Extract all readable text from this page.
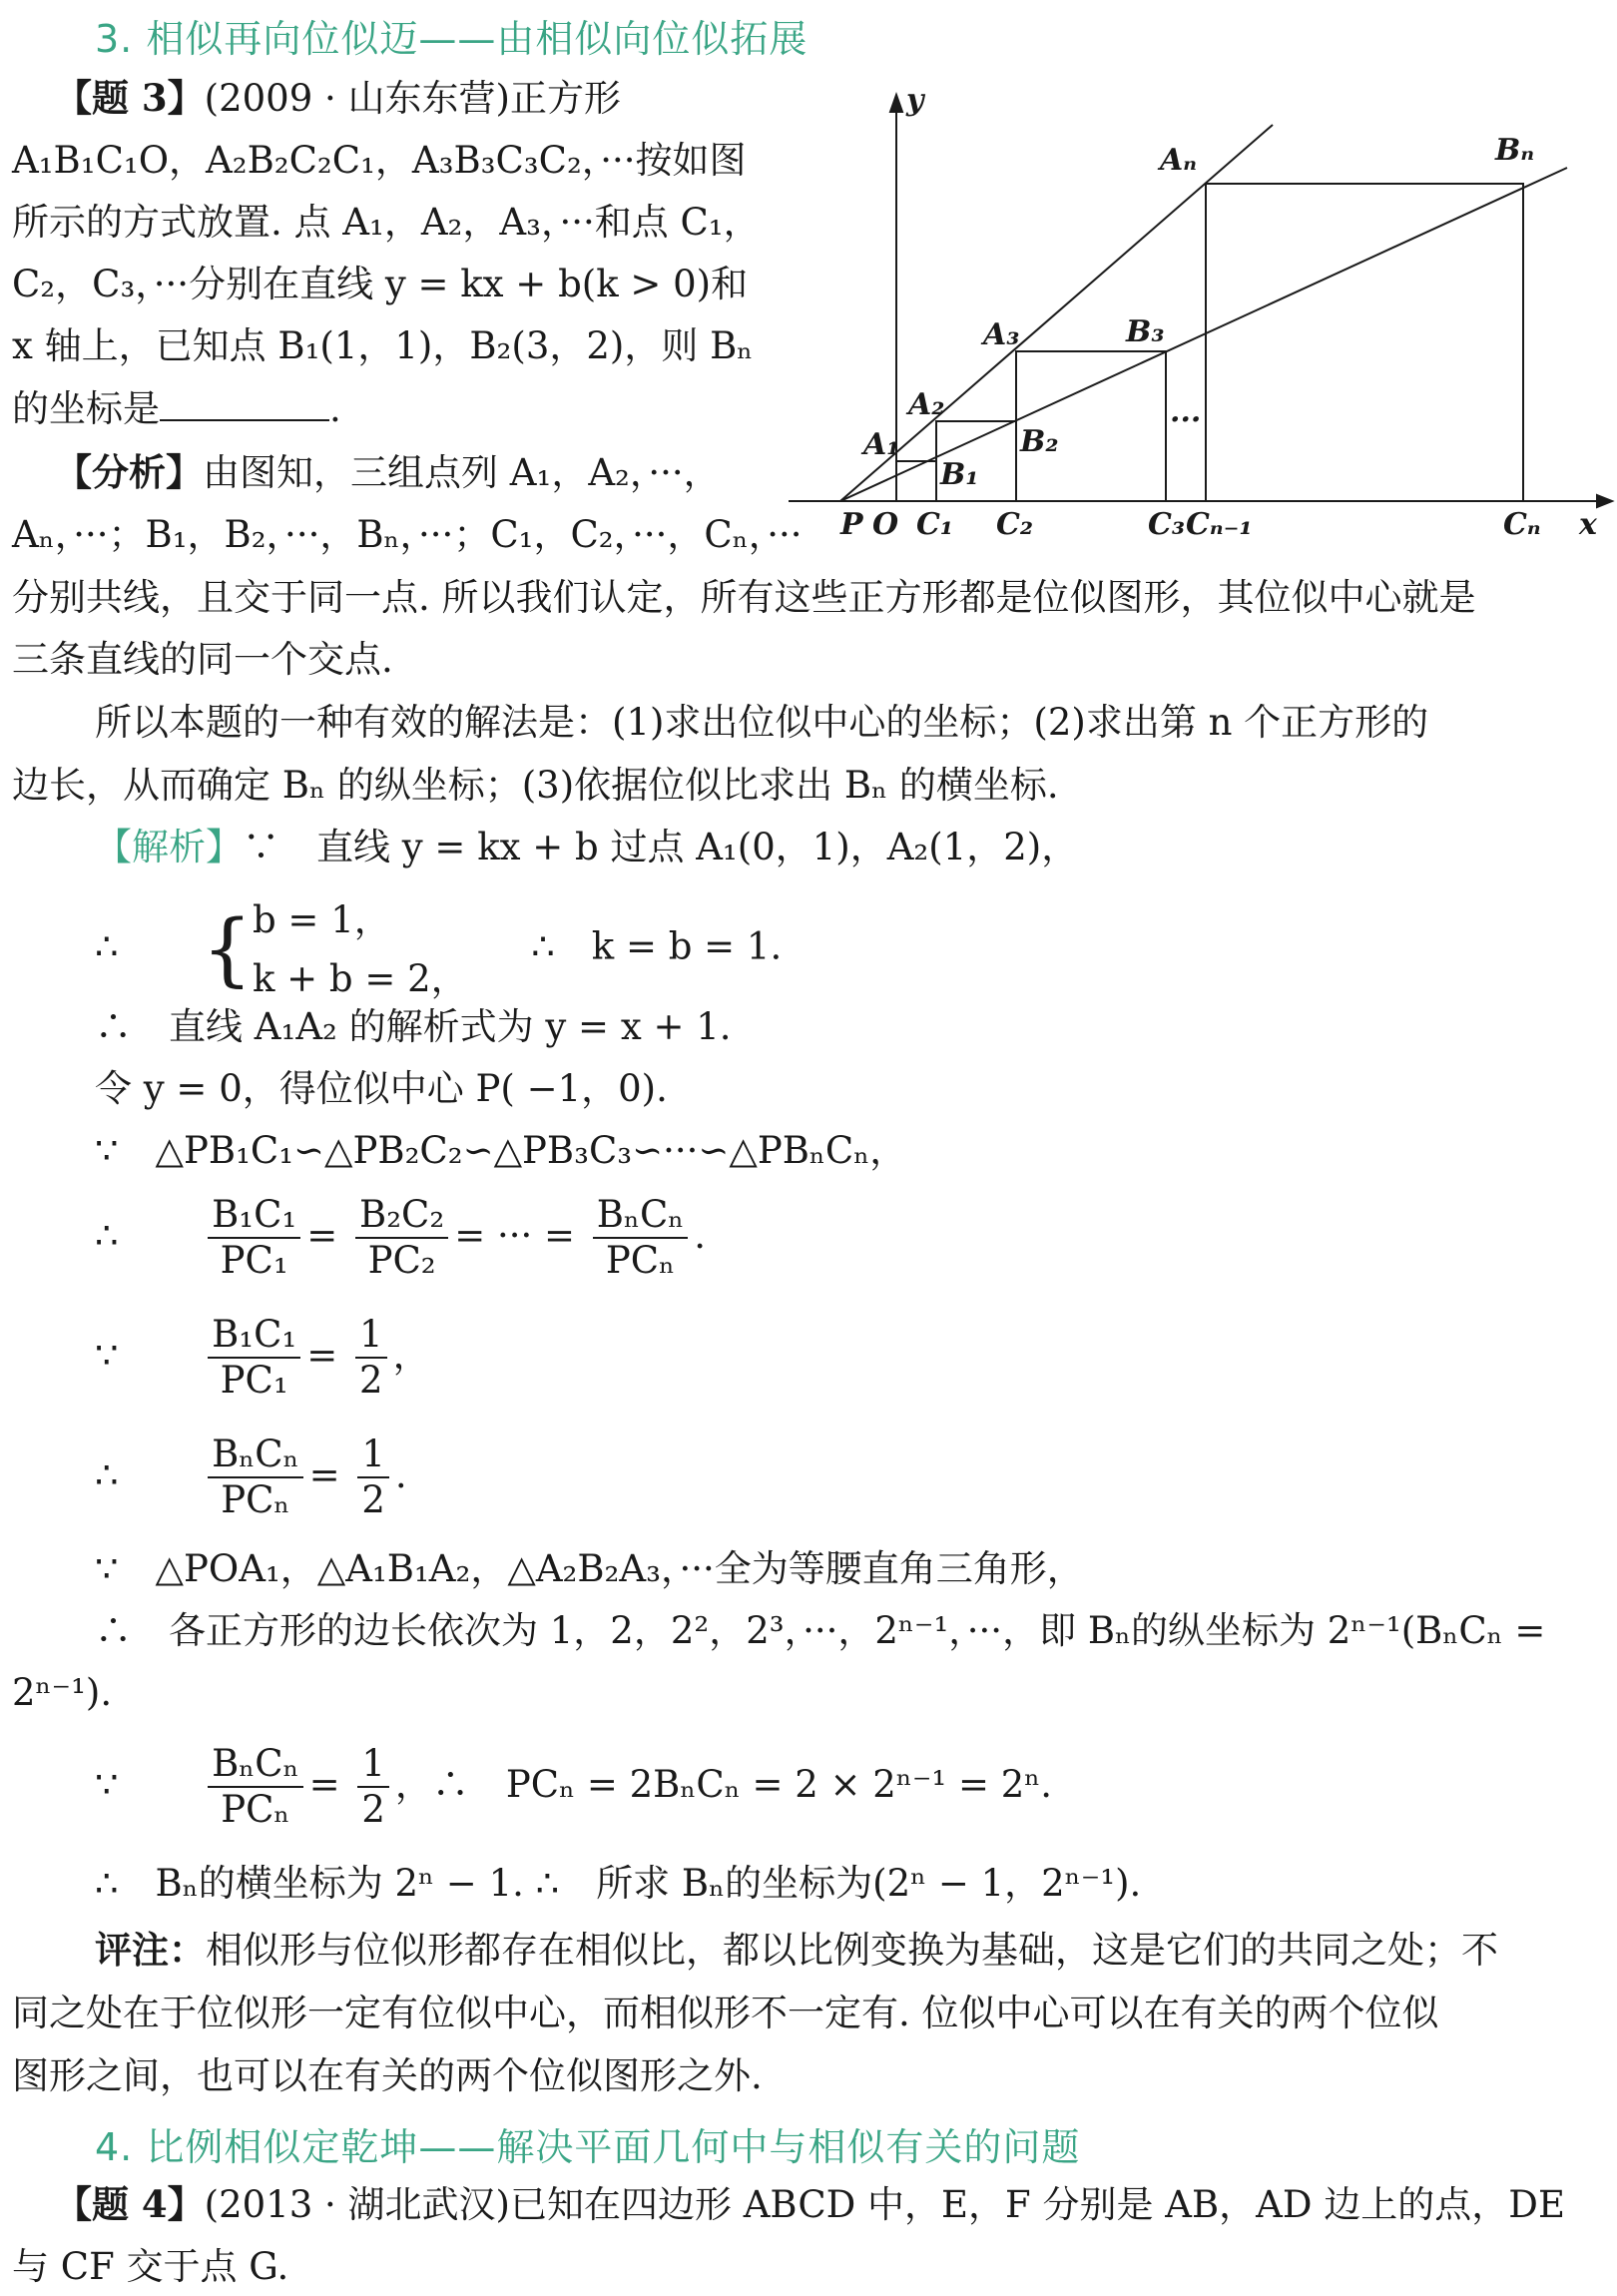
3. 相似再向位似迈——由相似向位似拓展
【题 3】(2009 · 山东东营)正方形
A₁B₁C₁O，A₂B₂C₂C₁，A₃B₃C₃C₂，···按如图
所示的方式放置. 点 A₁，A₂，A₃，···和点 C₁，
C₂，C₃，···分别在直线 y = kx + b(k > 0)和
x 轴上，已知点 B₁(1，1)，B₂(3，2)，则 Bₙ
的坐标是	.
【分析】由图知，三组点列 A₁，A₂，···，
Aₙ，···；B₁，B₂，···，Bₙ，···；C₁，C₂，···，Cₙ，···
分别共线，且交于同一点. 所以我们认定，所有这些正方形都是位似图形，其位似中心就是
三条直线的同一个交点.
所以本题的一种有效的解法是：(1)求出位似中心的坐标；(2)求出第 n 个正方形的
边长，从而确定 Bₙ 的纵坐标；(3)依据位似比求出 Bₙ 的横坐标.
【解析】∵　直线 y = kx + b 过点 A₁(0，1)，A₂(1，2)，
∴ { b = 1，
k + b = 2，
∴　k = b = 1.
∴　直线 A₁A₂ 的解析式为 y = x + 1.
令 y = 0，得位似中心 P( −1，0).
∵　△PB₁C₁∽△PB₂C₂∽△PB₃C₃∽···∽△PBₙCₙ，
∴ $\frac{\text{B₁C₁}}{\text{PC₁}} = \frac{\text{B₂C₂}}{\text{PC₂}}$ = ··· = $\frac{\text{BₙCₙ}}{\text{PCₙ}}$ .
∵ $\frac{\text{B₁C₁}}{\text{PC₁}} = \frac{1}{2}$ ，
∴ $\frac{\text{BₙCₙ}}{\text{PCₙ}} = \frac{1}{2}$ .
∵　△POA₁，△A₁B₁A₂，△A₂B₂A₃，···全为等腰直角三角形，
∴　各正方形的边长依次为 1，2，2²，2³，···，2ⁿ⁻¹，···，即 Bₙ的纵坐标为 2ⁿ⁻¹(BₙCₙ =
2ⁿ⁻¹).
∵ $\frac{\text{BₙCₙ}}{\text{PCₙ}} = \frac{1}{2}$ ，∴　PCₙ = 2BₙCₙ = 2 × 2ⁿ⁻¹ = 2ⁿ.
∴　Bₙ的横坐标为 2ⁿ − 1. ∴　所求 Bₙ的坐标为(2ⁿ − 1，2ⁿ⁻¹).
评注：相似形与位似形都存在相似比，都以比例变换为基础，这是它们的共同之处；不
同之处在于位似形一定有位似中心，而相似形不一定有. 位似中心可以在有关的两个位似
图形之间，也可以在有关的两个位似图形之外.
4. 比例相似定乾坤——解决平面几何中与相似有关的问题
【题 4】(2013 · 湖北武汉)已知在四边形 ABCD 中，E，F 分别是 AB，AD 边上的点，DE
与 CF 交于点 G.
y
x
P O
A₁
A₂
A₃
Aₙ
B₁
B₂
B₃
Bₙ
C₁ C₂	C₃ Cₙ₋₁	Cₙ
···
